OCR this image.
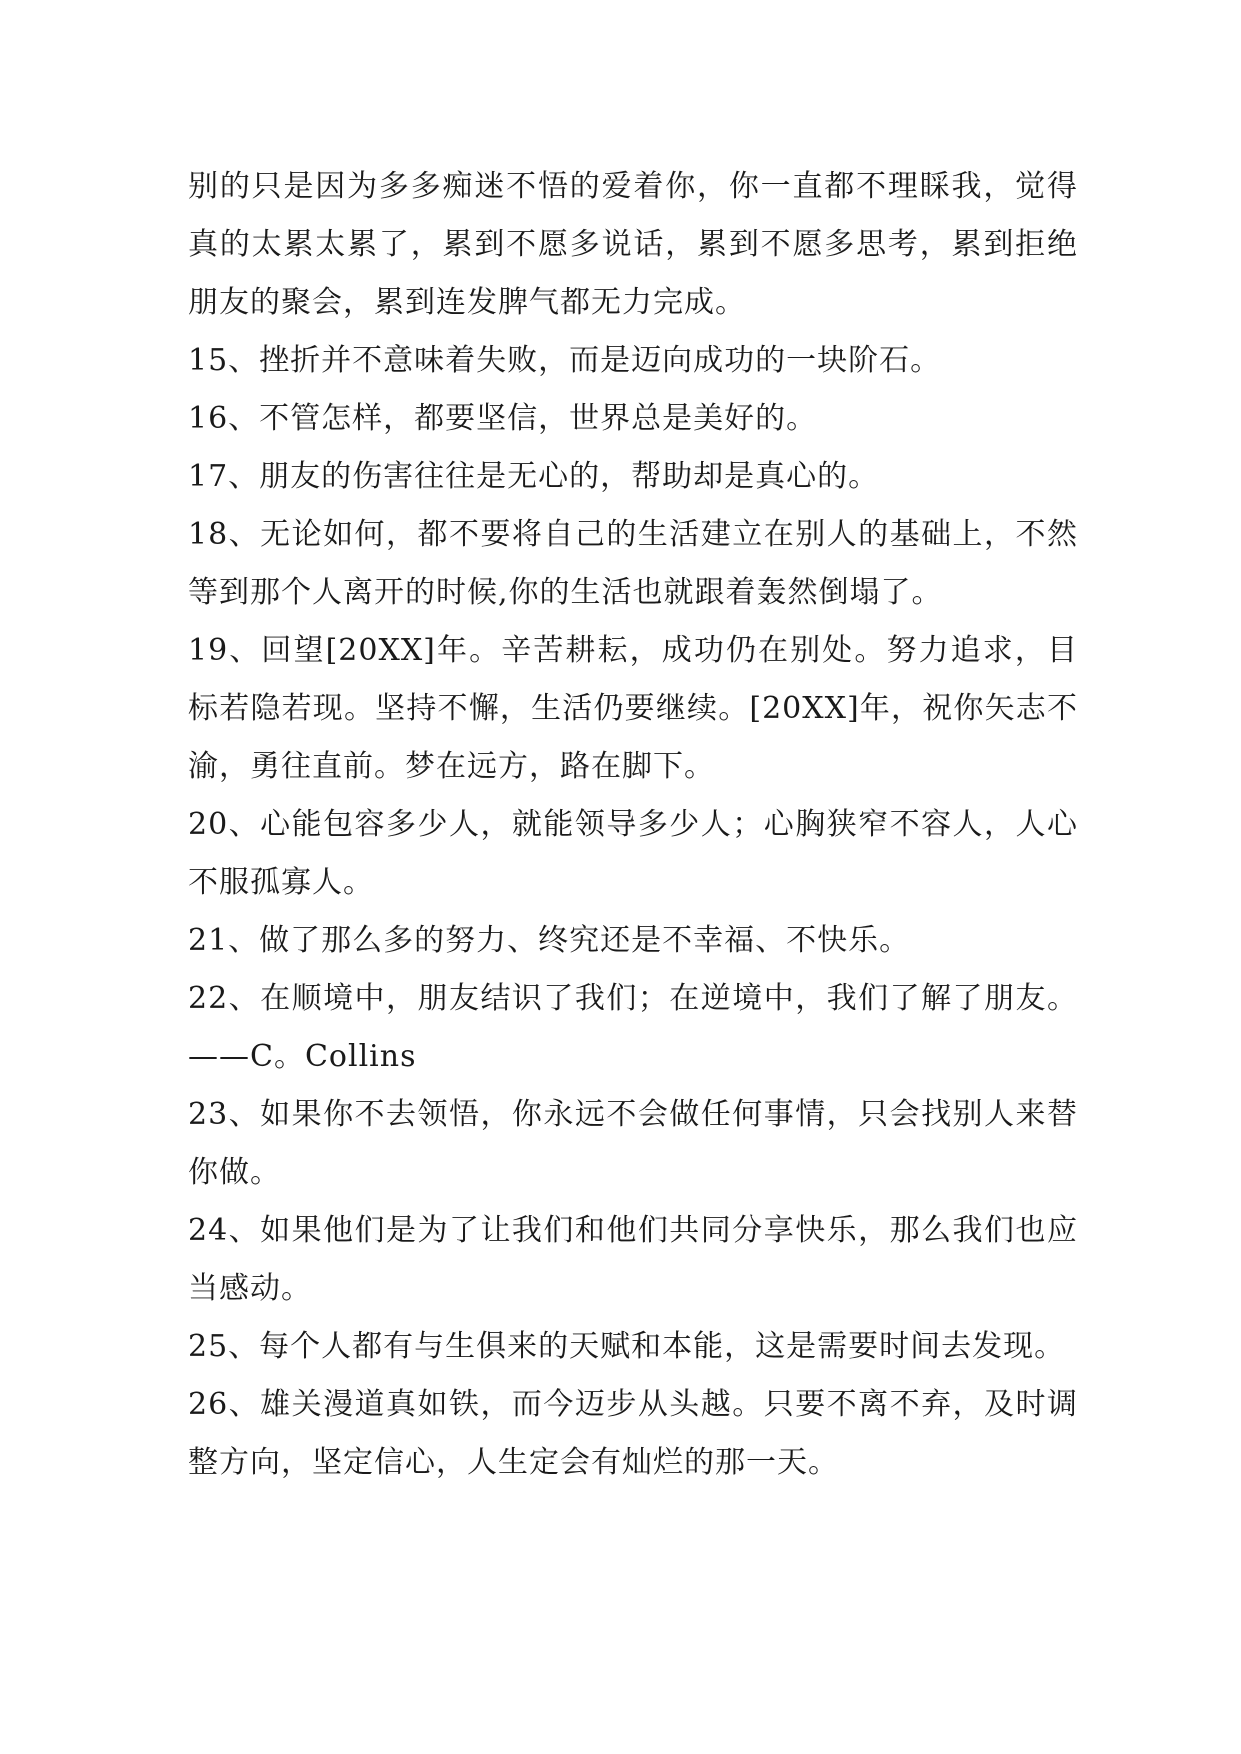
别的只是因为多多痴迷不悟的爱着你，你一直都不理睬我，觉得真的太累太累了，累到不愿多说话，累到不愿多思考，累到拒绝朋友的聚会，累到连发脾气都无力完成。

15、挫折并不意味着失败，而是迈向成功的一块阶石。

16、不管怎样，都要坚信，世界总是美好的。

17、朋友的伤害往往是无心的，帮助却是真心的。

18、无论如何，都不要将自己的生活建立在别人的基础上，不然等到那个人离开的时候,你的生活也就跟着轰然倒塌了。

19、回望[20XX]年。辛苦耕耘，成功仍在别处。努力追求，目标若隐若现。坚持不懈，生活仍要继续。[20XX]年，祝你矢志不渝，勇往直前。梦在远方，路在脚下。

20、心能包容多少人，就能领导多少人；心胸狭窄不容人，人心不服孤寡人。

21、做了那么多的努力、终究还是不幸福、不快乐。

22、在顺境中，朋友结识了我们；在逆境中，我们了解了朋友。 ——C。Collins

23、如果你不去领悟，你永远不会做任何事情，只会找别人来替你做。

24、如果他们是为了让我们和他们共同分享快乐，那么我们也应当感动。

25、每个人都有与生俱来的天赋和本能，这是需要时间去发现。

26、雄关漫道真如铁，而今迈步从头越。只要不离不弃，及时调整方向，坚定信心，人生定会有灿烂的那一天。
